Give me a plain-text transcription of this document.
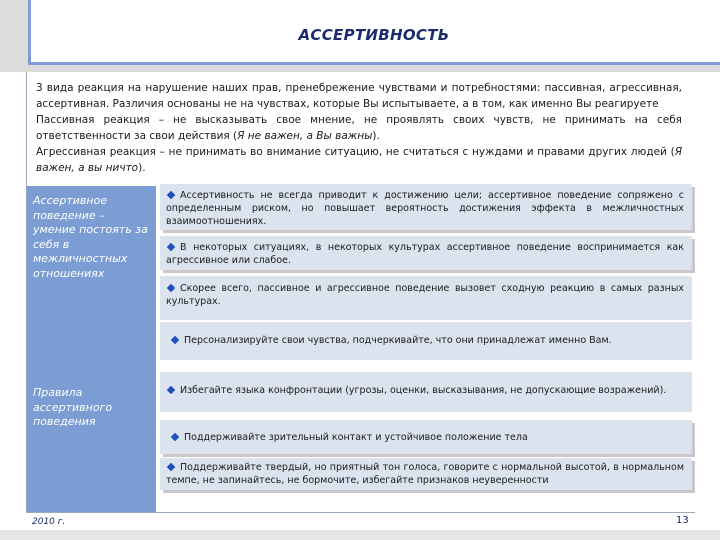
АССЕРТИВНОСТЬ

3 вида реакция на нарушение наших прав, пренебрежение чувствами и потребностями: пассивная, агрессивная, ассертивная. Различия основаны не на чувствах, которые Вы испытываете, а в том, как именно Вы реагируете

Пассивная реакция – не высказывать свое мнение, не проявлять своих чувств, не принимать на себя ответственности за свои действия (Я не важен, а Вы важны).

Агрессивная реакция – не принимать во внимание ситуацию, не считаться с нуждами и правами других людей (Я важен, а вы ничто).

Ассертивное поведение – умение постоять за себя в межличностных отношениях
Ассертивность не всегда приводит к достижению цели; ассертивное поведение сопряжено с определенным риском, но повышает вероятность достижения эффекта в межличностных взаимоотношениях.
В некоторых ситуациях, в некоторых культурах ассертивное поведение воспринимается как агрессивное или слабое.
Скорее всего, пассивное и агрессивное поведение вызовет сходную реакцию в самых разных культурах.
Правила ассертивного поведения
Персонализируйте свои чувства, подчеркивайте, что они принадлежат именно Вам.
Избегайте языка конфронтации (угрозы, оценки, высказывания, не допускающие возражений).
Поддерживайте зрительный контакт и устойчивое положение тела
Поддерживайте твердый, но приятный тон голоса, говорите с нормальной высотой, в нормальном темпе, не запинайтесь, не бормочите, избегайте признаков неуверенности
2010 г.	13
